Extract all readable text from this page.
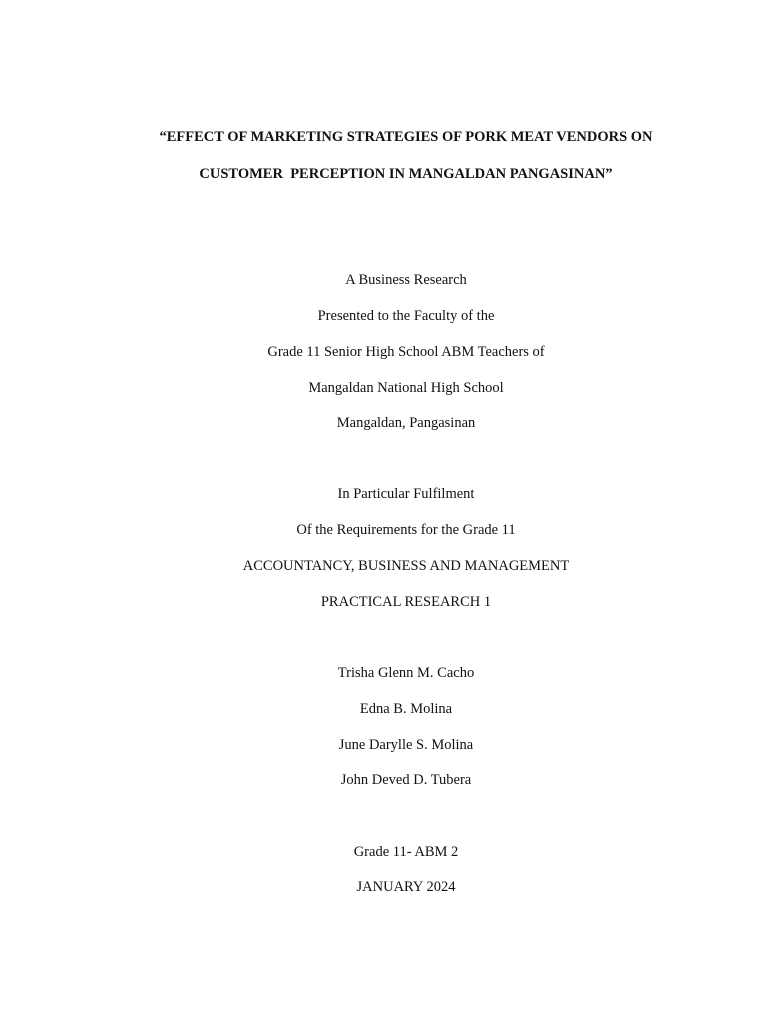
“EFFECT OF MARKETING STRATEGIES OF PORK MEAT VENDORS ON
CUSTOMER  PERCEPTION IN MANGALDAN PANGASINAN”
A Business Research
Presented to the Faculty of the
Grade 11 Senior High School ABM Teachers of
Mangaldan National High School
Mangaldan, Pangasinan
In Particular Fulfilment
Of the Requirements for the Grade 11
ACCOUNTANCY, BUSINESS AND MANAGEMENT
PRACTICAL RESEARCH 1
Trisha Glenn M. Cacho
Edna B. Molina
June Darylle S. Molina
John Deved D. Tubera
Grade 11- ABM 2
JANUARY 2024
